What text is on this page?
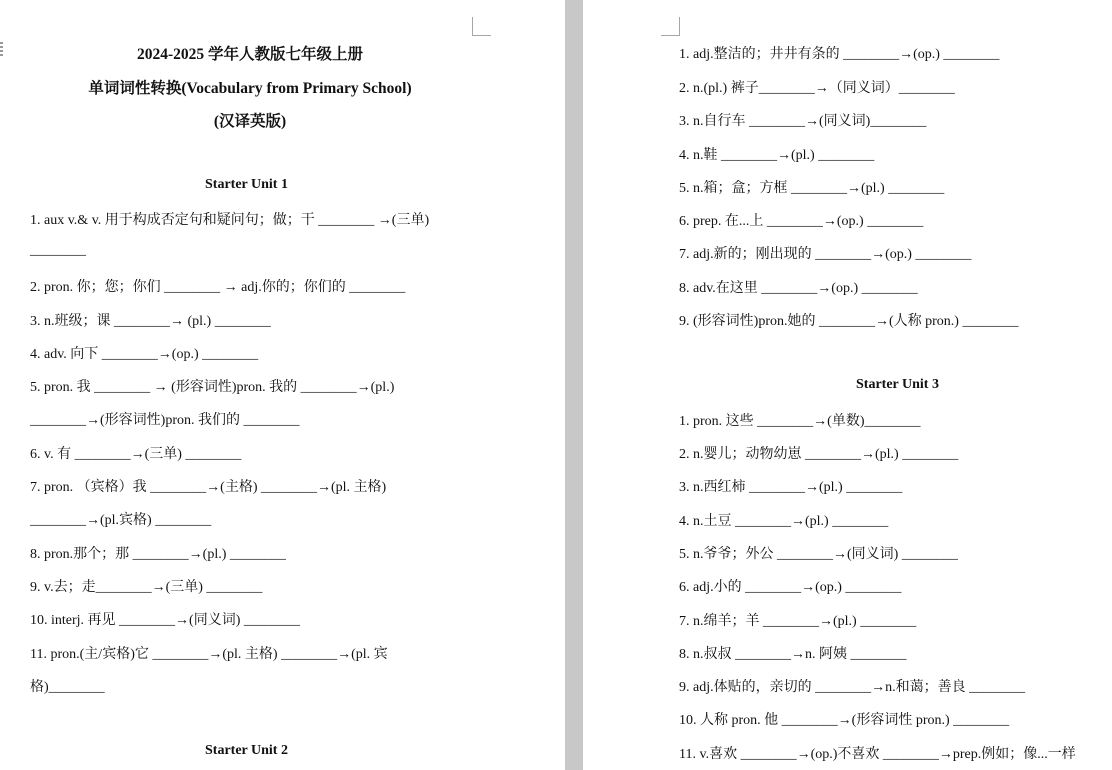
2024-2025 学年人教版七年级上册
单词词性转换(Vocabulary from Primary School)
(汉译英版)
Starter Unit 1
1. aux v.& v. 用于构成否定句和疑问句；做；干 ________ →(三单)
________
2. pron. 你；您；你们 ________ → adj.你的；你们的 ________
3. n.班级；课 ________→ (pl.) ________
4. adv. 向下 ________→(op.) ________
5. pron. 我 ________ → (形容词性)pron. 我的 ________→(pl.)
________→(形容词性)pron. 我们的 ________
6. v. 有 ________→(三单) ________
7. pron. （宾格）我 ________→(主格) ________→(pl. 主格)
________→(pl.宾格) ________
8. pron.那个；那 ________→(pl.) ________
9. v.去；走________→(三单) ________
10. interj. 再见 ________→(同义词) ________
11. pron.(主/宾格)它 ________→(pl. 主格) ________→(pl. 宾
格)________
Starter Unit 2
1. adj.整洁的；井井有条的 ________→(op.) ________
2. n.(pl.) 裤子________→（同义词）________
3. n.自行车 ________→(同义词)________
4. n.鞋 ________→(pl.) ________
5. n.箱；盒；方框 ________→(pl.) ________
6. prep. 在...上 ________→(op.) ________
7. adj.新的；刚出现的 ________→(op.) ________
8. adv.在这里 ________→(op.) ________
9. (形容词性)pron.她的 ________→(人称 pron.) ________
Starter Unit 3
1. pron. 这些 ________→(单数)________
2. n.婴儿；动物幼崽 ________→(pl.) ________
3. n.西红柿 ________→(pl.) ________
4. n.土豆 ________→(pl.) ________
5. n.爷爷；外公 ________→(同义词) ________
6. adj.小的 ________→(op.) ________
7. n.绵羊；羊 ________→(pl.) ________
8. n.叔叔 ________→n. 阿姨 ________
9. adj.体贴的，亲切的 ________→n.和蔼；善良 ________
10. 人称 pron. 他 ________→(形容词性 pron.) ________
11. v.喜欢 ________→(op.)不喜欢 ________→prep.例如；像...一样
